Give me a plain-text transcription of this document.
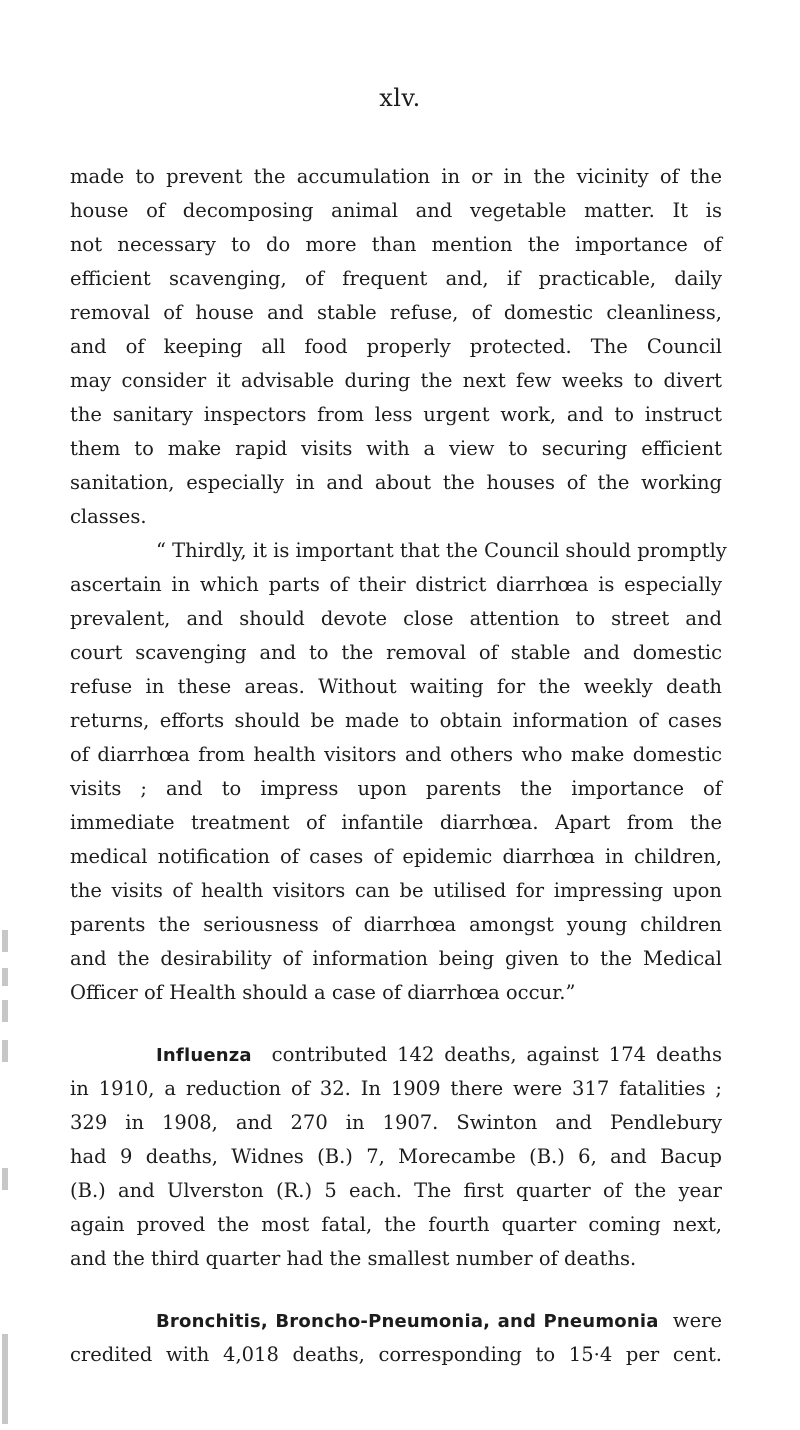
xlv.
made to prevent the accumulation in or in the vicinity of the
house of decomposing animal and vegetable matter. It is
not necessary to do more than mention the importance of
efficient scavenging, of frequent and, if practicable, daily
removal of house and stable refuse, of domestic cleanliness,
and of keeping all food properly protected. The Council
may consider it advisable during the next few weeks to divert
the sanitary inspectors from less urgent work, and to instruct
them to make rapid visits with a view to securing efficient
sanitation, especially in and about the houses of the working
classes.
“ Thirdly, it is important that the Council should promptly
ascertain in which parts of their district diarrhœa is especially
prevalent, and should devote close attention to street and
court scavenging and to the removal of stable and domestic
refuse in these areas. Without waiting for the weekly death
returns, efforts should be made to obtain information of cases
of diarrhœa from health visitors and others who make domestic
visits ; and to impress upon parents the importance of
immediate treatment of infantile diarrhœa. Apart from the
medical notification of cases of epidemic diarrhœa in children,
the visits of health visitors can be utilised for impressing upon
parents the seriousness of diarrhœa amongst young children
and the desirability of information being given to the Medical
Officer of Health should a case of diarrhœa occur.”
Influenza contributed 142 deaths, against 174 deaths
in 1910, a reduction of 32. In 1909 there were 317 fatalities ;
329 in 1908, and 270 in 1907. Swinton and Pendlebury
had 9 deaths, Widnes (B.) 7, Morecambe (B.) 6, and Bacup
(B.) and Ulverston (R.) 5 each. The first quarter of the year
again proved the most fatal, the fourth quarter coming next,
and the third quarter had the smallest number of deaths.
Bronchitis, Broncho-Pneumonia, and Pneumonia were
credited with 4,018 deaths, corresponding to 15·4 per cent.
